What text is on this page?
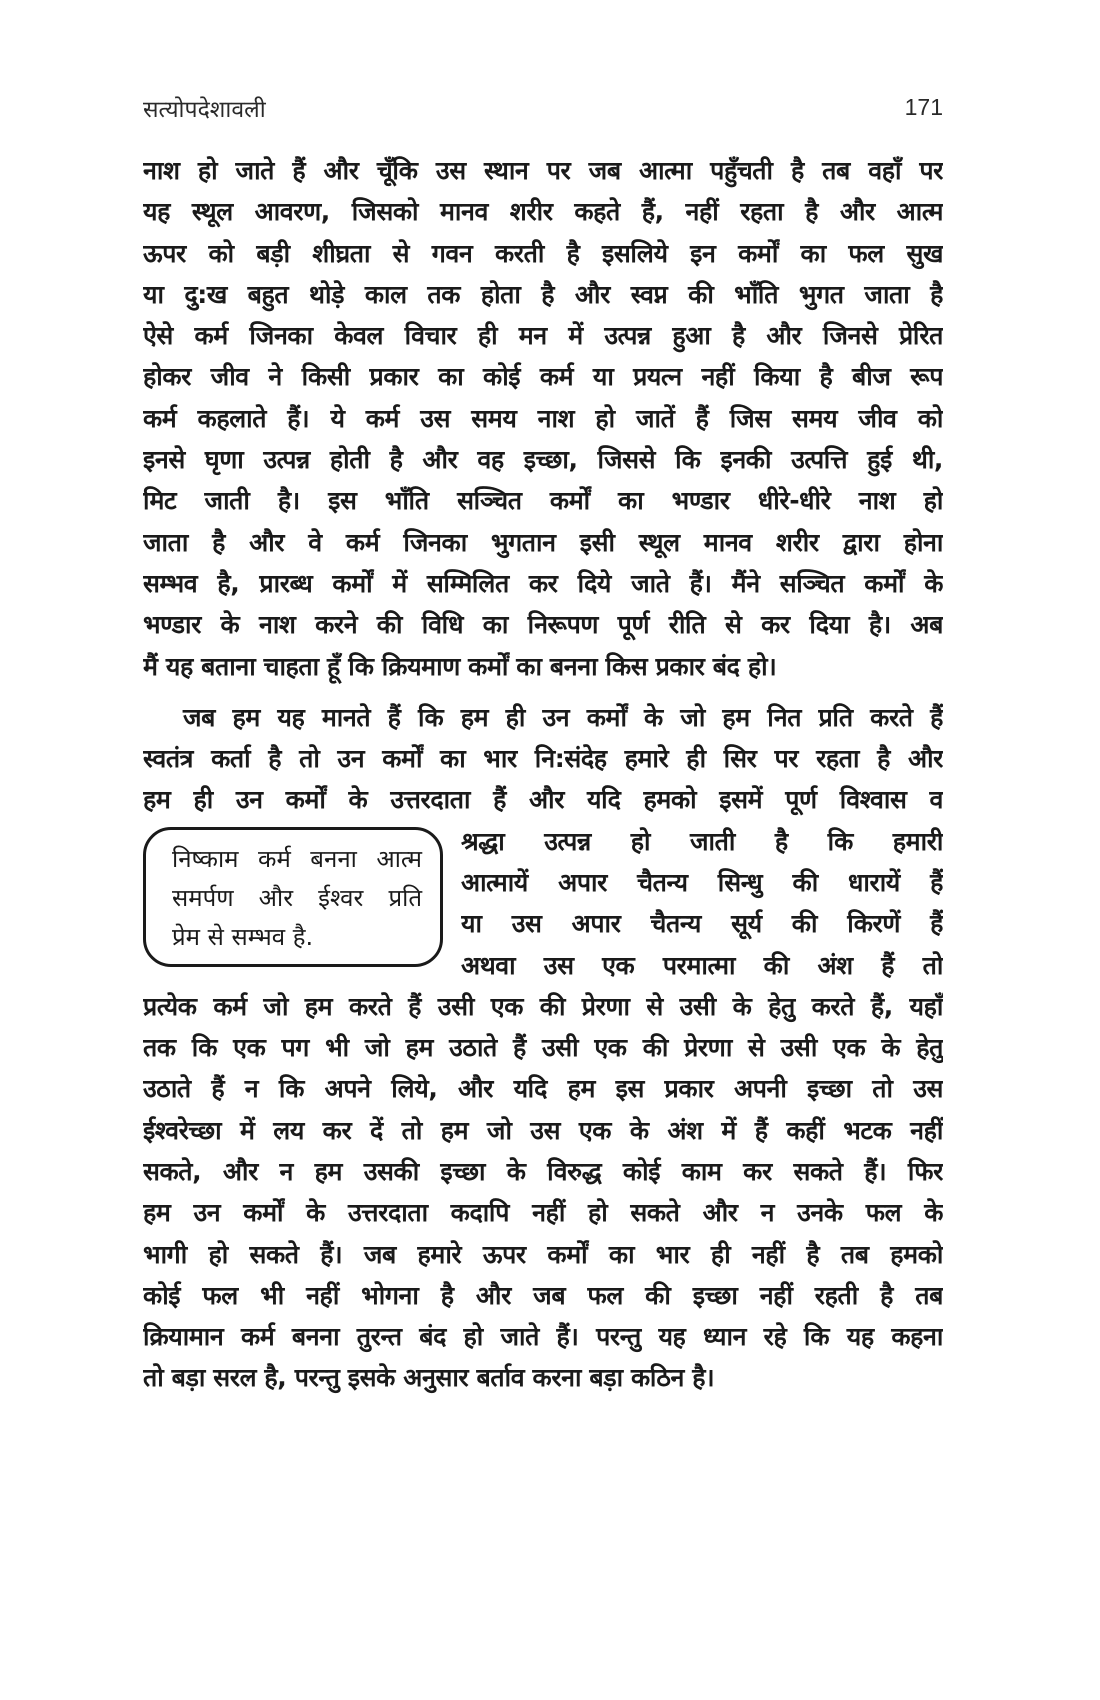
सत्योपदेशावली	171
नाश हो जाते हैं और चूँकि उस स्थान पर जब आत्मा पहुँचती है तब वहाँ पर
यह स्थूल आवरण, जिसको मानव शरीर कहते हैं, नहीं रहता है और आत्म
ऊपर को बड़ी शीघ्रता से गवन करती है इसलिये इन कर्मों का फल सुख
या दु:ख बहुत थोड़े काल तक होता है और स्वप्न की भाँति भुगत जाता है
ऐसे कर्म जिनका केवल विचार ही मन में उत्पन्न हुआ है और जिनसे प्रेरित
होकर जीव ने किसी प्रकार का कोई कर्म या प्रयत्न नहीं किया है बीज रूप
कर्म कहलाते हैं। ये कर्म उस समय नाश हो जातें हैं जिस समय जीव को
इनसे घृणा उत्पन्न होती है और वह इच्छा, जिससे कि इनकी उत्पत्ति हुई थी,
मिट जाती है। इस भाँति सञ्चित कर्मों का भण्डार धीरे-धीरे नाश हो
जाता है और वे कर्म जिनका भुगतान इसी स्थूल मानव शरीर द्वारा होना
सम्भव है, प्रारब्ध कर्मों में सम्मिलित कर दिये जाते हैं। मैंने सञ्चित कर्मों के
भण्डार के नाश करने की विधि का निरूपण पूर्ण रीति से कर दिया है। अब
मैं यह बताना चाहता हूँ कि क्रियमाण कर्मों का बनना किस प्रकार बंद हो।
जब हम यह मानते हैं कि हम ही उन कर्मों के जो हम नित प्रति करते हैं
स्वतंत्र कर्ता है तो उन कर्मों का भार नि:संदेह हमारे ही सिर पर रहता है और
हम ही उन कर्मों के उत्तरदाता हैं और यदि हमको इसमें पूर्ण विश्वास व
निष्काम कर्म बनना आत्म
समर्पण और ईश्वर प्रति
प्रेम से सम्भव है.
श्रद्धा उत्पन्न हो जाती है कि हमारी
आत्मायें अपार चैतन्य सिन्धु की धारायें हैं
या उस अपार चैतन्य सूर्य की किरणें हैं
अथवा उस एक परमात्मा की अंश हैं तो
प्रत्येक कर्म जो हम करते हैं उसी एक की प्रेरणा से उसी के हेतु करते हैं, यहाँ
तक कि एक पग भी जो हम उठाते हैं उसी एक की प्रेरणा से उसी एक के हेतु
उठाते हैं न कि अपने लिये, और यदि हम इस प्रकार अपनी इच्छा तो उस
ईश्वरेच्छा में लय कर दें तो हम जो उस एक के अंश में हैं कहीं भटक नहीं
सकते, और न हम उसकी इच्छा के विरुद्ध कोई काम कर सकते हैं। फिर
हम उन कर्मों के उत्तरदाता कदापि नहीं हो सकते और न उनके फल के
भागी हो सकते हैं। जब हमारे ऊपर कर्मों का भार ही नहीं है तब हमको
कोई फल भी नहीं भोगना है और जब फल की इच्छा नहीं रहती है तब
क्रियामान कर्म बनना तुरन्त बंद हो जाते हैं। परन्तु यह ध्यान रहे कि यह कहना
तो बड़ा सरल है, परन्तु इसके अनुसार बर्ताव करना बड़ा कठिन है।
